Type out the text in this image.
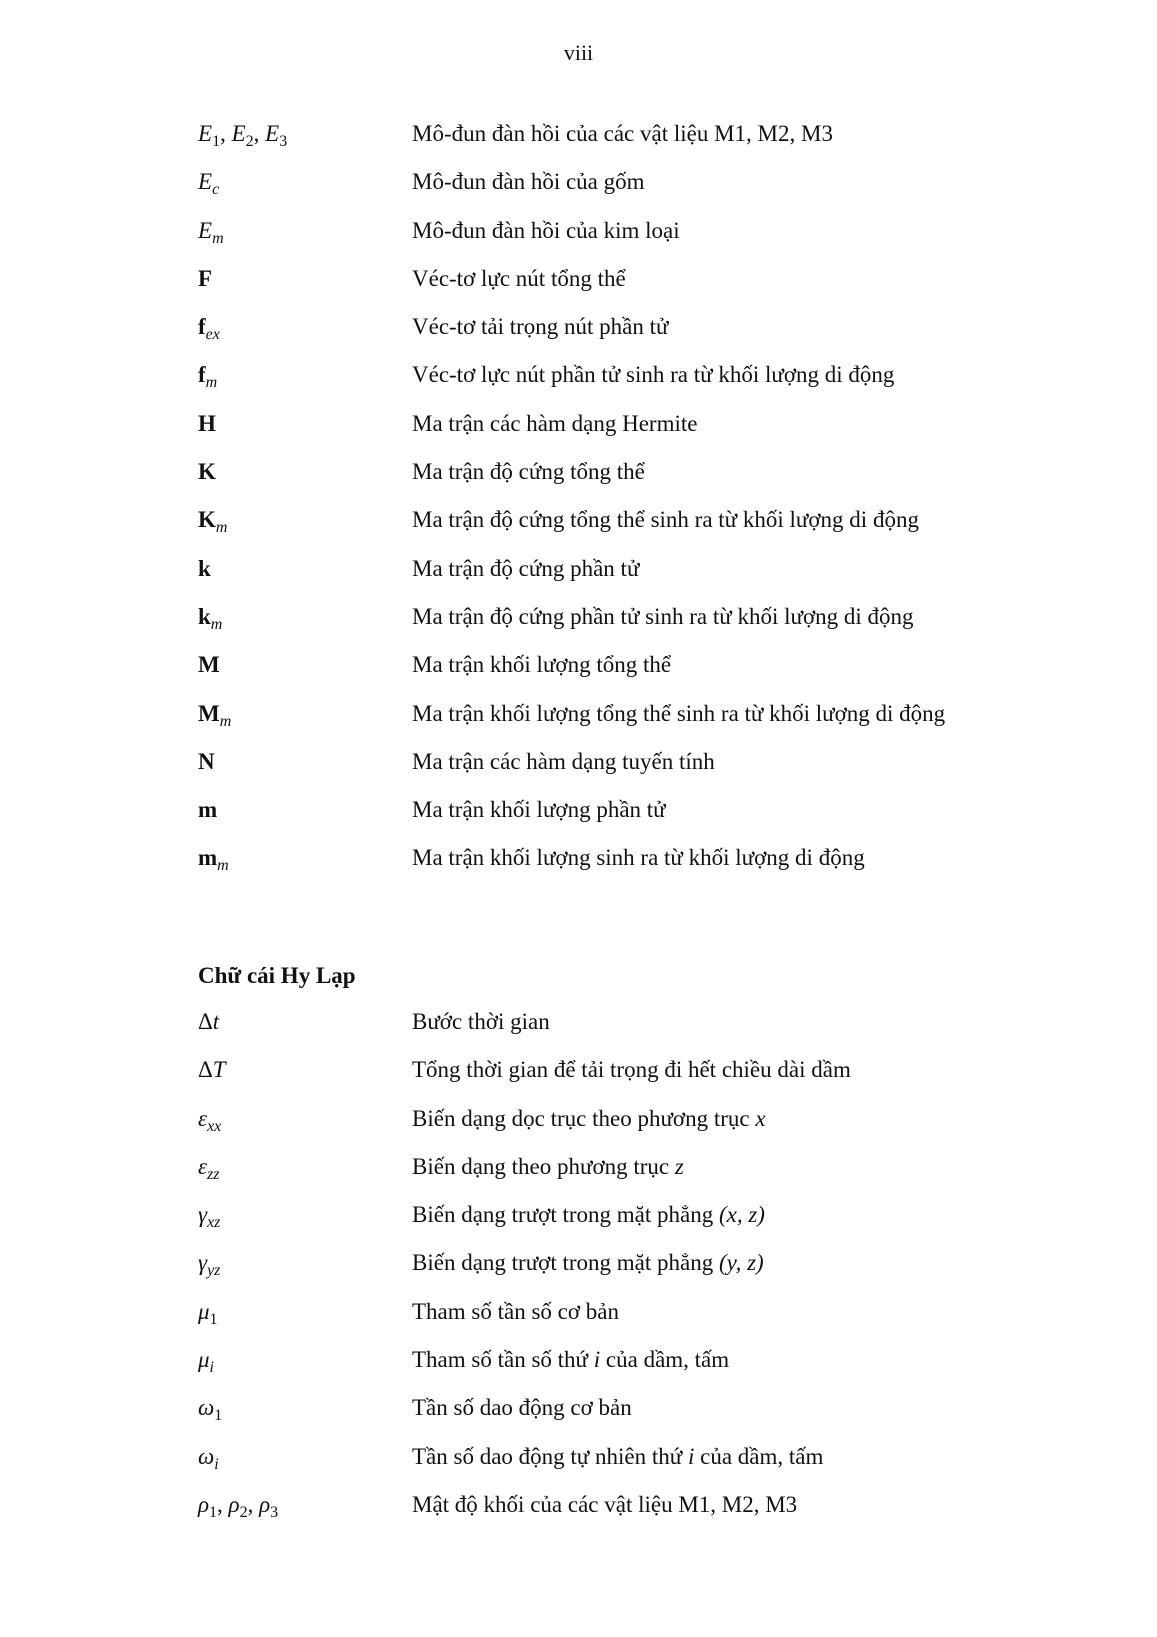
viii
$E_1$, $E_2$, $E_3$	Mô-đun đàn hồi của các vật liệu M1, M2, M3
$E_c$	Mô-đun đàn hồi của gốm
$E_m$	Mô-đun đàn hồi của kim loại
F	Véc-tơ lực nút tổng thể
$f_{ex}$	Véc-tơ tải trọng nút phần tử
$f_m$	Véc-tơ lực nút phần tử sinh ra từ khối lượng di động
H	Ma trận các hàm dạng Hermite
K	Ma trận độ cứng tổng thể
$K_m$	Ma trận độ cứng tổng thể sinh ra từ khối lượng di động
k	Ma trận độ cứng phần tử
$k_m$	Ma trận độ cứng phần tử sinh ra từ khối lượng di động
M	Ma trận khối lượng tổng thể
$M_m$	Ma trận khối lượng tổng thể sinh ra từ khối lượng di động
N	Ma trận các hàm dạng tuyến tính
m	Ma trận khối lượng phần tử
$m_m$	Ma trận khối lượng sinh ra từ khối lượng di động
Chữ cái Hy Lạp
Δt	Bước thời gian
ΔT	Tổng thời gian để tải trọng đi hết chiều dài dầm
$\varepsilon_{xx}$	Biến dạng dọc trục theo phương trục x
$\varepsilon_{zz}$	Biến dạng theo phương trục z
$\gamma_{xz}$	Biến dạng trượt trong mặt phẳng (x, z)
$\gamma_{yz}$	Biến dạng trượt trong mặt phẳng (y, z)
$\mu_1$	Tham số tần số cơ bản
$\mu_i$	Tham số tần số thứ i của dầm, tấm
$\omega_1$	Tần số dao động cơ bản
$\omega_i$	Tần số dao động tự nhiên thứ i của dầm, tấm
$\rho_1$, $\rho_2$, $\rho_3$	Mật độ khối của các vật liệu M1, M2, M3
